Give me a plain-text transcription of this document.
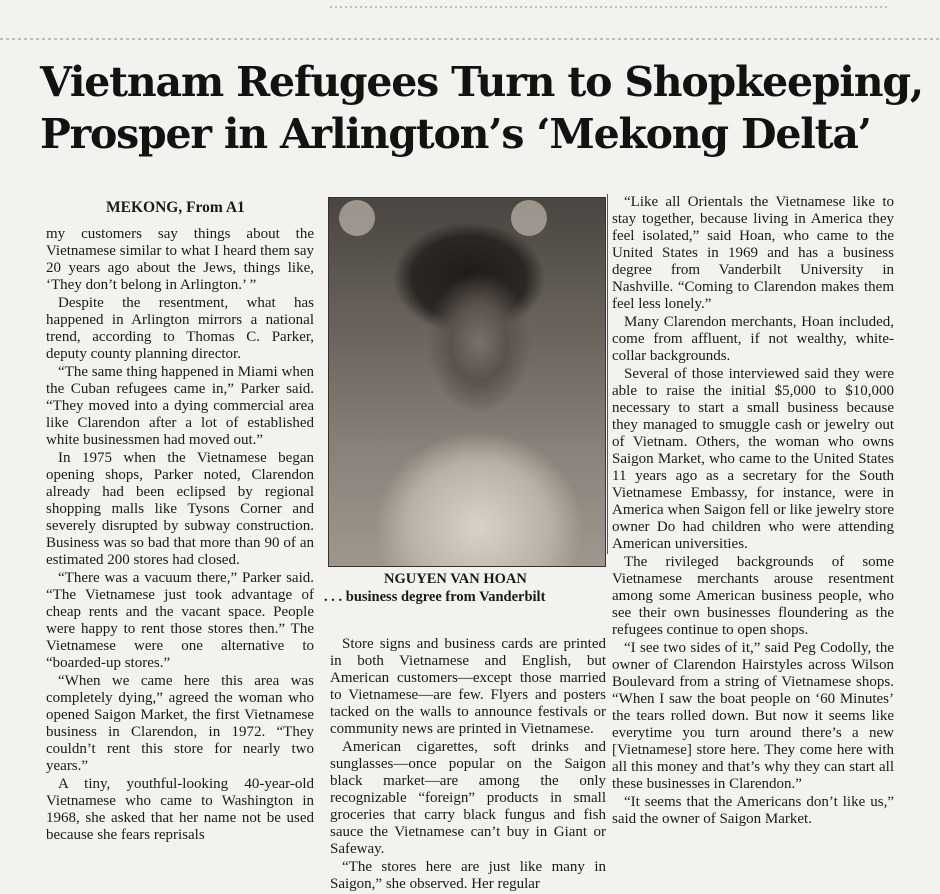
Vietnam Refugees Turn to Shopkeeping,
Prosper in Arlington’s ‘Mekong Delta’
MEKONG, From A1

my customers say things about the Vietnamese similar to what I heard them say 20 years ago about the Jews, things like, ‘They don’t belong in Arlington.’ ”

Despite the resentment, what has happened in Arlington mirrors a national trend, according to Thomas C. Parker, deputy county planning director.

“The same thing happened in Miami when the Cuban refugees came in,” Parker said. “They moved into a dying commercial area like Clarendon after a lot of established white businessmen had moved out.”

In 1975 when the Vietnamese began opening shops, Parker noted, Clarendon already had been eclipsed by regional shopping malls like Tysons Corner and severely disrupted by subway construction. Business was so bad that more than 90 of an estimated 200 stores had closed.

“There was a vacuum there,” Parker said. “The Vietnamese just took advantage of cheap rents and the vacant space. People were happy to rent those stores then.” The Vietnamese were one alternative to “boarded-up stores.”

“When we came here this area was completely dying,” agreed the woman who opened Saigon Market, the first Vietnamese business in Clarendon, in 1972. “They couldn’t rent this store for nearly two years.”

A tiny, youthful-looking 40-year-old Vietnamese who came to Washington in 1968, she asked that her name not be used because she fears reprisals

NGUYEN VAN HOAN
. . . business degree from Vanderbilt

Store signs and business cards are printed in both Vietnamese and English, but American customers—except those married to Vietnamese—are few. Flyers and posters tacked on the walls to announce festivals or community news are printed in Vietnamese.

American cigarettes, soft drinks and sunglasses—once popular on the Saigon black market—are among the only recognizable “foreign” products in small groceries that carry black fungus and fish sauce the Vietnamese can’t buy in Giant or Safeway.

“The stores here are just like many in Saigon,” she observed. Her regular

“Like all Orientals the Vietnamese like to stay together, because living in America they feel isolated,” said Hoan, who came to the United States in 1969 and has a business degree from Vanderbilt University in Nashville. “Coming to Clarendon makes them feel less lonely.”

Many Clarendon merchants, Hoan included, come from affluent, if not wealthy, white-collar backgrounds.

Several of those interviewed said they were able to raise the initial $5,000 to $10,000 necessary to start a small business because they managed to smuggle cash or jewelry out of Vietnam. Others, the woman who owns Saigon Market, who came to the United States 11 years ago as a secretary for the South Vietnamese Embassy, for instance, were in America when Saigon fell or like jewelry store owner Do had children who were attending American universities.

The rivileged backgrounds of some Vietnamese merchants arouse resentment among some American business people, who see their own businesses floundering as the refugees continue to open shops.

“I see two sides of it,” said Peg Codolly, the owner of Clarendon Hairstyles across Wilson Boulevard from a string of Vietnamese shops. “When I saw the boat people on ‘60 Minutes’ the tears rolled down. But now it seems like everytime you turn around there’s a new [Vietnamese] store here. They come here with all this money and that’s why they can start all these businesses in Clarendon.”

“It seems that the Americans don’t like us,” said the owner of Saigon Market.
